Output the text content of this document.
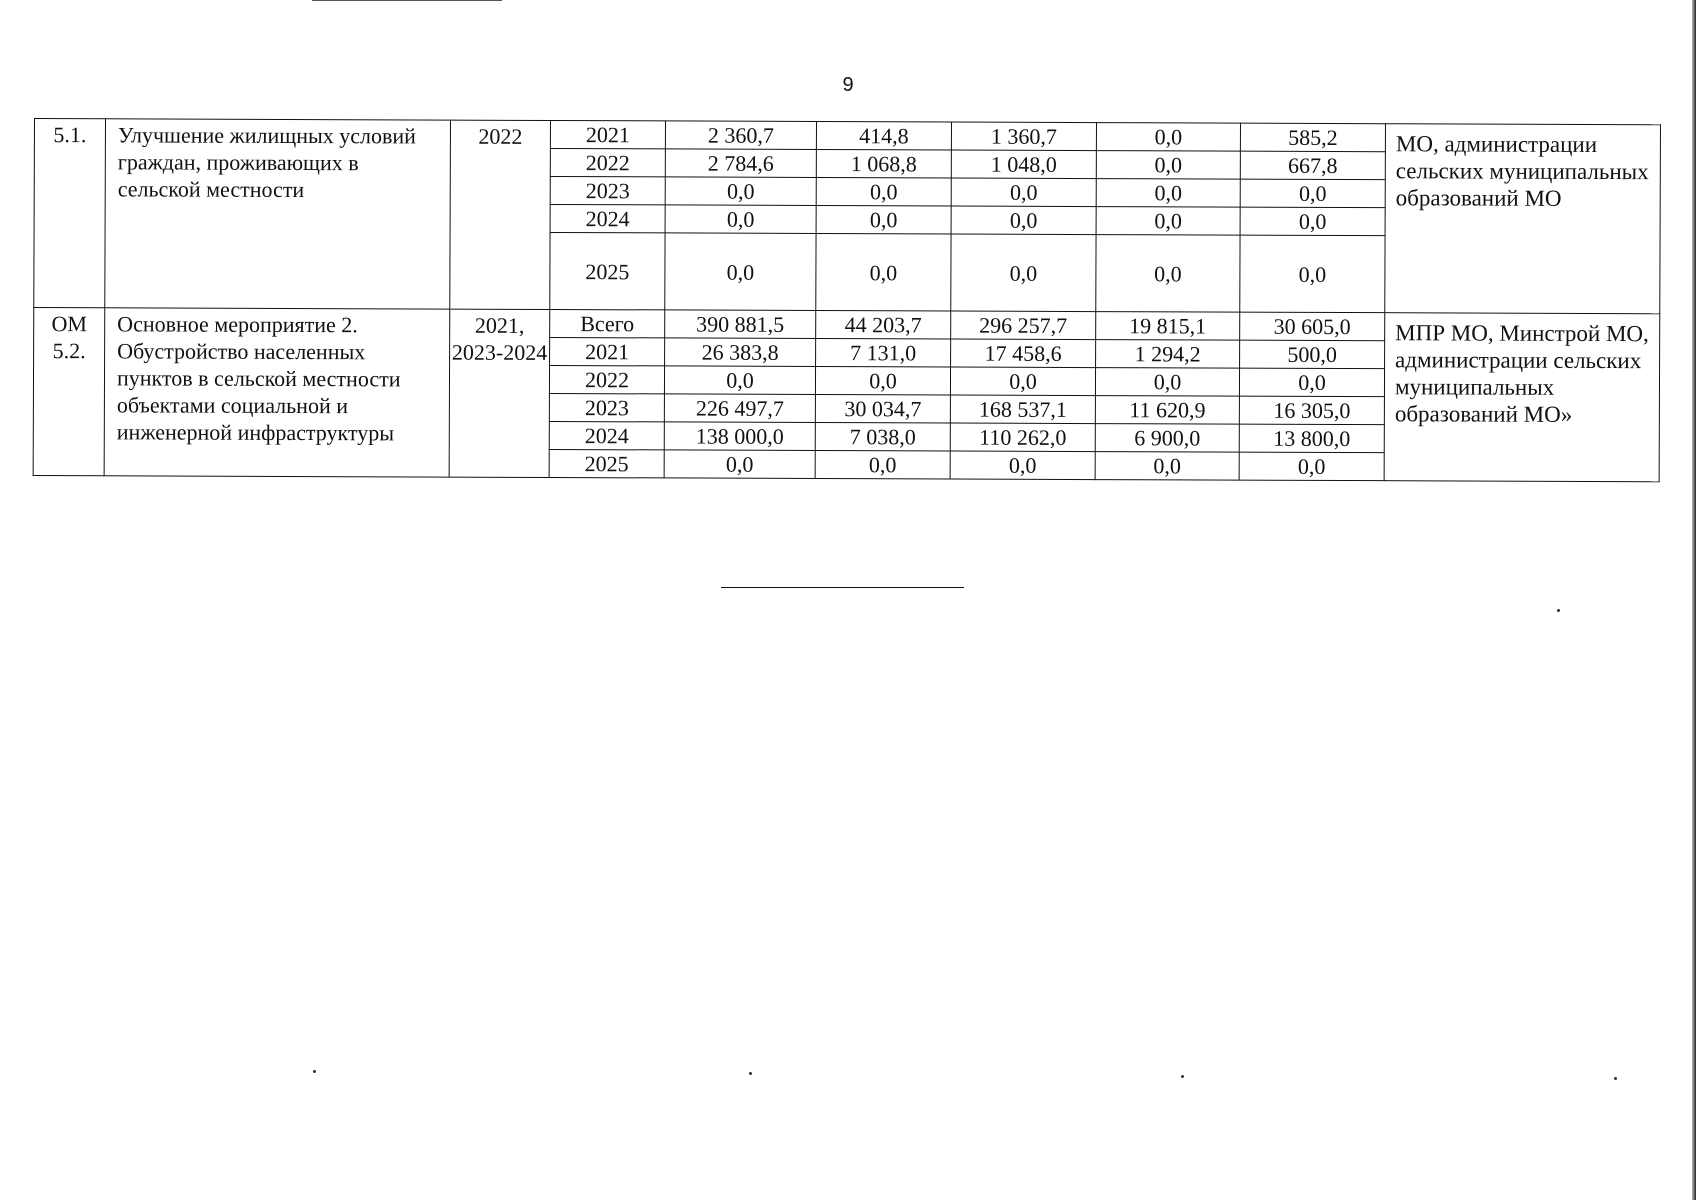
9
5.1.	Улучшение жилищных условий граждан, проживающих в сельской местности	2022	2021	2 360,7	414,8	1 360,7	0,0	585,2	МО, администрации сельских муниципальных образований МО
			2022	2 784,6	1 068,8	1 048,0	0,0	667,8	
			2023	0,0	0,0	0,0	0,0	0,0	
			2024	0,0	0,0	0,0	0,0	0,0	
			2025	0,0	0,0	0,0	0,0	0,0	
ОМ 5.2.	Основное мероприятие 2. Обустройство населенных пунктов в сельской местности объектами социальной и инженерной инфраструктуры	2021, 2023-2024	Всего	390 881,5	44 203,7	296 257,7	19 815,1	30 605,0	МПР МО, Минстрой МО, администрации сельских муниципальных образований МО»
			2021	26 383,8	7 131,0	17 458,6	1 294,2	500,0	
			2022	0,0	0,0	0,0	0,0	0,0	
			2023	226 497,7	30 034,7	168 537,1	11 620,9	16 305,0	
			2024	138 000,0	7 038,0	110 262,0	6 900,0	13 800,0	
			2025	0,0	0,0	0,0	0,0	0,0	
